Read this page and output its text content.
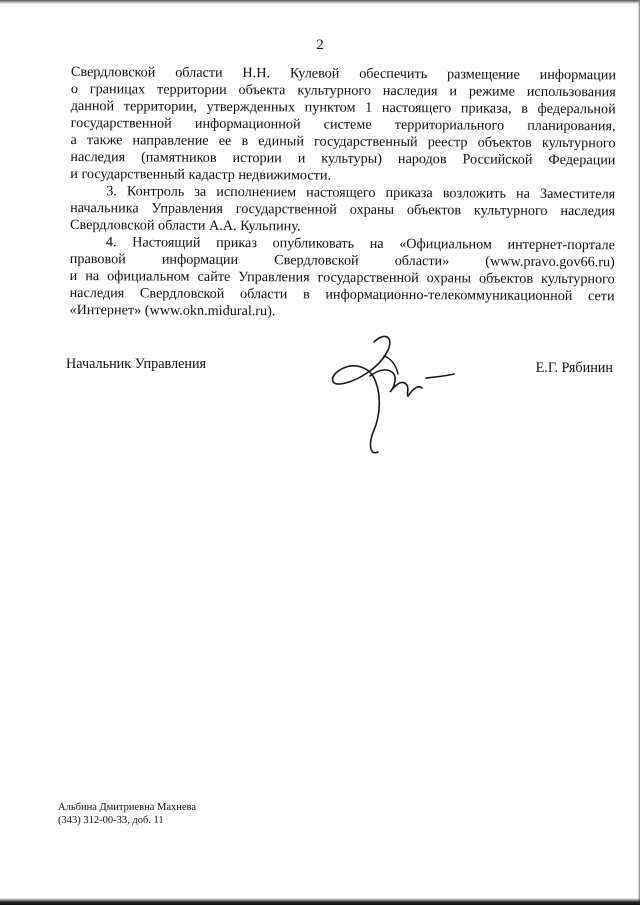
2
Свердловской области Н.Н. Кулевой обеспечить размещение информации
о границах территории объекта культурного наследия и режиме использования
данной территории, утвержденных пунктом 1 настоящего приказа, в федеральной
государственной информационной системе территориального планирования,
а также направление ее в единый государственный реестр объектов культурного
наследия (памятников истории и культуры) народов Российской Федерации
и государственный кадастр недвижимости.
3. Контроль за исполнением настоящего приказа возложить на Заместителя
начальника Управления государственной охраны объектов культурного наследия
Свердловской области А.А. Кульпину.
4. Настоящий приказ опубликовать на «Официальном интернет-портале
правовой информации Свердловской области» (www.pravo.gov66.ru)
и на официальном сайте Управления государственной охраны объектов культурного
наследия Свердловской области в информационно-телекоммуникационной сети
«Интернет» (www.okn.midural.ru).
Начальник Управления	Е.Г. Рябинин
Альбина Дмитриевна Махнева
(343) 312-00-33, доб. 11
